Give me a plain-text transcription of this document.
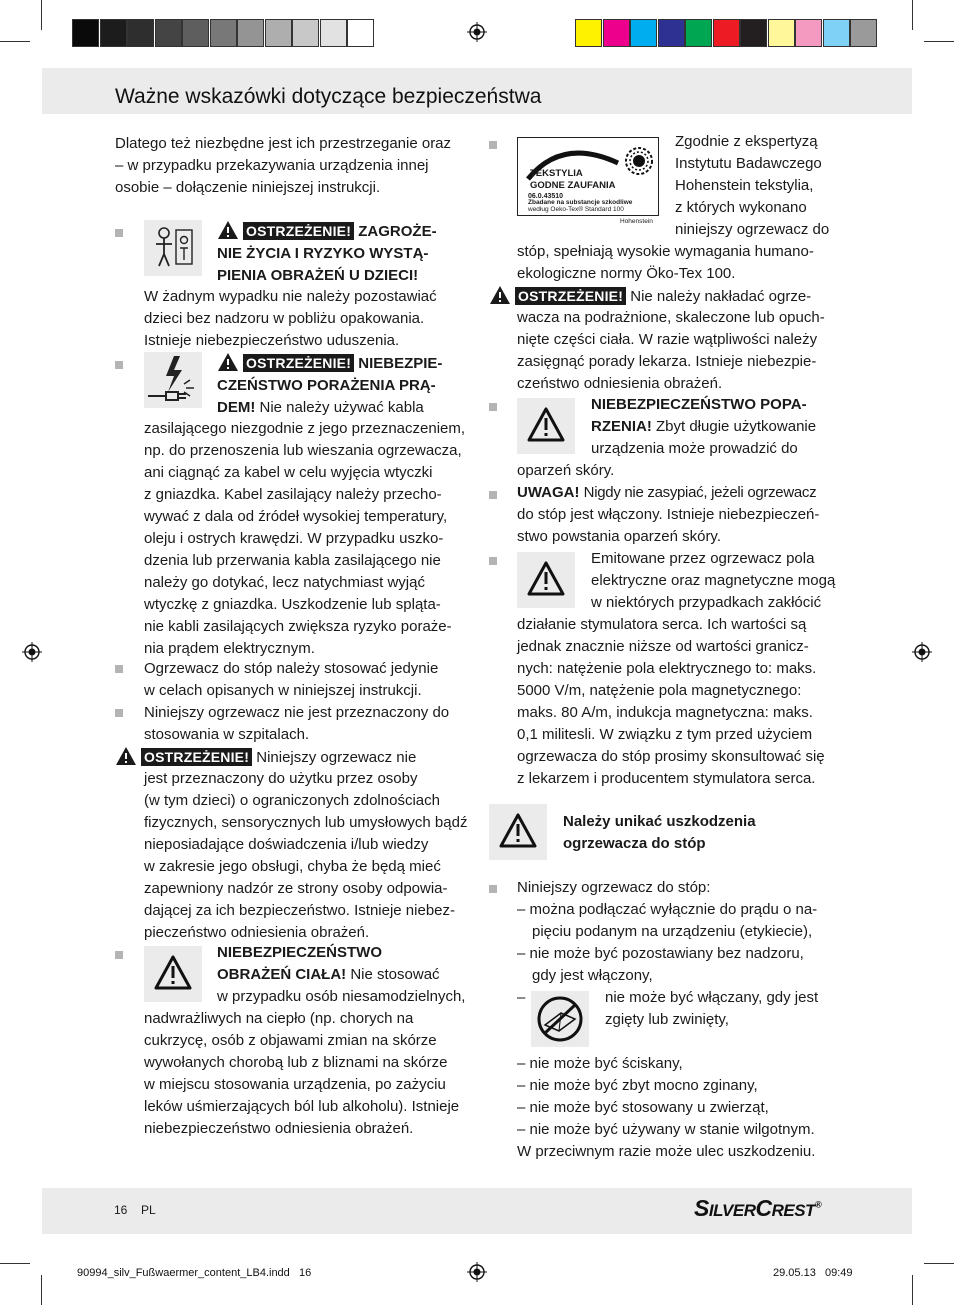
Ważne wskazówki dotyczące bezpieczeństwa
Dlatego też niezbędne jest ich przestrzeganie oraz
– w przypadku przekazywania urządzenia innej
osobie – dołączenie niniejszej instrukcji.
OSTRZEŻENIE! ZAGROŻE-
NIE ŻYCIA I RYZYKO WYSTĄ-
PIENIA OBRAŻEŃ U DZIECI!
W żadnym wypadku nie należy pozostawiać
dzieci bez nadzoru w pobliżu opakowania.
Istnieje niebezpieczeństwo uduszenia.
OSTRZEŻENIE! NIEBEZPIE-
CZEŃSTWO PORAŻENIA PRĄ-
DEM! Nie należy używać kabla
zasilającego niezgodnie z jego przeznaczeniem,
np. do przenoszenia lub wieszania ogrzewacza,
ani ciągnąć za kabel w celu wyjęcia wtyczki
z gniazdka. Kabel zasilający należy przecho-
wywać z dala od źródeł wysokiej temperatury,
oleju i ostrych krawędzi. W przypadku uszko-
dzenia lub przerwania kabla zasilającego nie
należy go dotykać, lecz natychmiast wyjąć
wtyczkę z gniazdka. Uszkodzenie lub spląta-
nie kabli zasilających zwiększa ryzyko poraże-
nia prądem elektrycznym.
Ogrzewacz do stóp należy stosować jedynie
w celach opisanych w niniejszej instrukcji.
Niniejszy ogrzewacz nie jest przeznaczony do
stosowania w szpitalach.
OSTRZEŻENIE! Niniejszy ogrzewacz nie
jest przeznaczony do użytku przez osoby
(w tym dzieci) o ograniczonych zdolnościach
fizycznych, sensorycznych lub umysłowych bądź
nieposiadające doświadczenia i/lub wiedzy
w zakresie jego obsługi, chyba że będą mieć
zapewniony nadzór ze strony osoby odpowia-
dającej za ich bezpieczeństwo. Istnieje niebez-
pieczeństwo odniesienia obrażeń.
NIEBEZPIECZEŃSTWO
OBRAŻEŃ CIAŁA! Nie stosować
w przypadku osób niesamodzielnych,
nadwrażliwych na ciepło (np. chorych na
cukrzycę, osób z objawami zmian na skórze
wywołanych chorobą lub z bliznami na skórze
w miejscu stosowania urządzenia, po zażyciu
leków uśmierzających ból lub alkoholu). Istnieje
niebezpieczeństwo odniesienia obrażeń.
TEKSTYLIA
GODNE ZAUFANIA
06.0.43510
Zbadane na substancje szkodliwe
według Oeko-Tex® Standard 100
Hohenstein
Zgodnie z ekspertyzą
Instytutu Badawczego
Hohenstein tekstylia,
z których wykonano
niniejszy ogrzewacz do
stóp, spełniają wysokie wymagania humano-
ekologiczne normy Öko-Tex 100.
OSTRZEŻENIE! Nie należy nakładać ogrze-
wacza na podrażnione, skaleczone lub opuch-
nięte części ciała. W razie wątpliwości należy
zasięgnąć porady lekarza. Istnieje niebezpie-
czeństwo odniesienia obrażeń.
NIEBEZPIECZEŃSTWO POPA-
RZENIA! Zbyt długie użytkowanie
urządzenia może prowadzić do
oparzeń skóry.
UWAGA! Nigdy nie zasypiać, jeżeli ogrzewacz
do stóp jest włączony. Istnieje niebezpieczeń-
stwo powstania oparzeń skóry.
Emitowane przez ogrzewacz pola
elektryczne oraz magnetyczne mogą
w niektórych przypadkach zakłócić
działanie stymulatora serca. Ich wartości są
jednak znacznie niższe od wartości granicz-
nych: natężenie pola elektrycznego to: maks.
5000 V/m, natężenie pola magnetycznego:
maks. 80 A/m, indukcja magnetyczna: maks.
0,1 militesli. W związku z tym przed użyciem
ogrzewacza do stóp prosimy skonsultować się
z lekarzem i producentem stymulatora serca.
Należy unikać uszkodzenia
ogrzewacza do stóp
Niniejszy ogrzewacz do stóp:
– można podłączać wyłącznie do prądu o na-
pięciu podanym na urządzeniu (etykiecie),
– nie może być pozostawiany bez nadzoru,
gdy jest włączony,
–	nie może być włączany, gdy jest
zgięty lub zwinięty,
– nie może być ściskany,
– nie może być zbyt mocno zginany,
– nie może być stosowany u zwierząt,
– nie może być używany w stanie wilgotnym.
W przeciwnym razie może ulec uszkodzeniu.
16 PL	SILVERCREST®
90994_silv_Fußwaermer_content_LB4.indd   16	29.05.13   09:49
